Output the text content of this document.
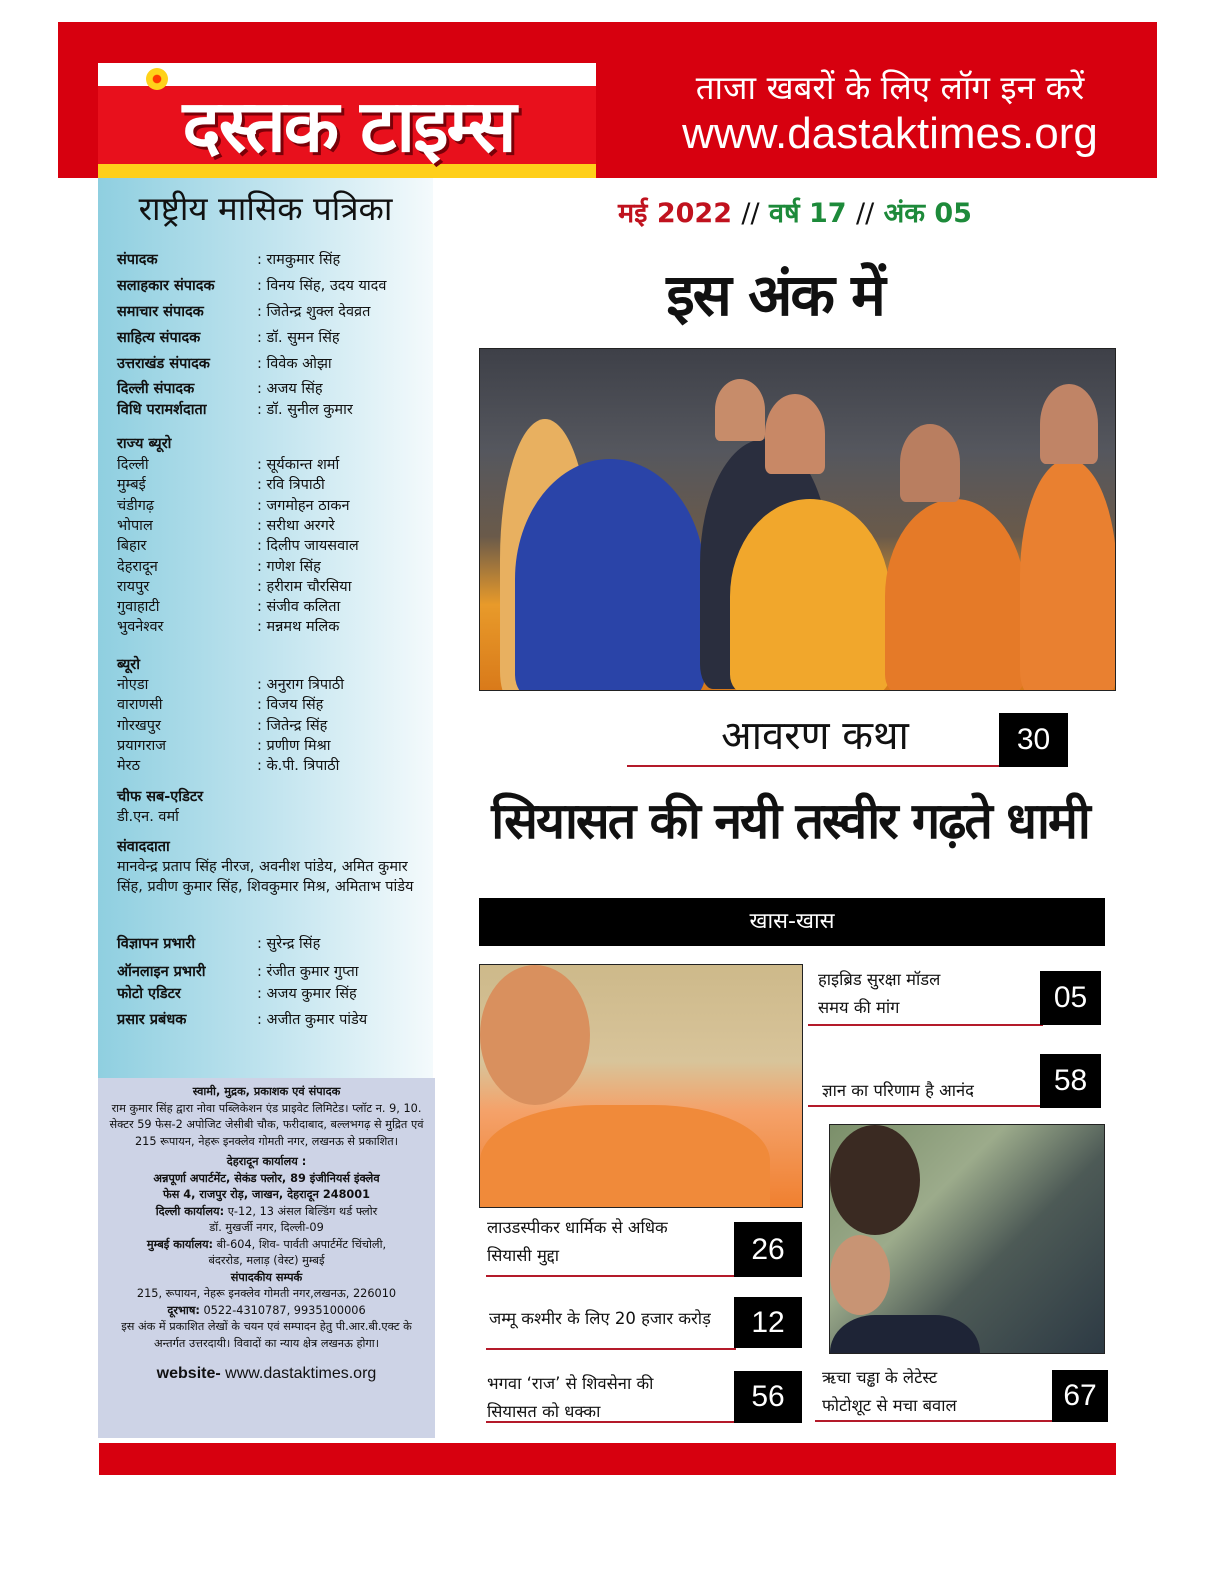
दस्तक टाइम्स	ताजा खबरों के लिए लॉग इन करें
www.dastaktimes.org
राष्ट्रीय मासिक पत्रिका
संपादक	: रामकुमार सिंह
सलाहकार संपादक	: विनय सिंह, उदय यादव
समाचार संपादक	: जितेन्द्र शुक्ल देवव्रत
साहित्य संपादक	: डॉ. सुमन सिंह
उत्तराखंड संपादक	: विवेक ओझा
दिल्ली संपादक	: अजय सिंह
विधि परामर्शदाता	: डॉ. सुनील कुमार
राज्य ब्यूरो
दिल्ली	: सूर्यकान्त शर्मा
मुम्बई	: रवि त्रिपाठी
चंडीगढ़	: जगमोहन ठाकन
भोपाल	: सरीथा अरगरे
बिहार	: दिलीप जायसवाल
देहरादून	: गणेश सिंह
रायपुर	: हरीराम चौरसिया
गुवाहाटी	: संजीव कलिता
भुवनेश्वर	: मन्नमथ मलिक
ब्यूरो
नोएडा	: अनुराग त्रिपाठी
वाराणसी	: विजय सिंह
गोरखपुर	: जितेन्द्र सिंह
प्रयागराज	: प्रणीण मिश्रा
मेरठ	: के.पी. त्रिपाठी
चीफ सब-एडिटर
डी.एन. वर्मा
संवाददाता
मानवेन्द्र प्रताप सिंह नीरज, अवनीश पांडेय, अमित कुमार सिंह, प्रवीण कुमार सिंह, शिवकुमार मिश्र, अमिताभ पांडेय
विज्ञापन प्रभारी	: सुरेन्द्र सिंह
ऑनलाइन प्रभारी	: रंजीत कुमार गुप्ता
फोटो एडिटर	: अजय कुमार सिंह
प्रसार प्रबंधक	: अजीत कुमार पांडेय
स्वामी, मुद्रक, प्रकाशक एवं संपादक
राम कुमार सिंह द्वारा नोवा पब्लिकेशन एंड प्राइवेट लिमिटेड। प्लॉट न. 9, 10. सेक्टर 59 फेस-2 अपोजिट जेसीबी चौक, फरीदाबाद, बल्लभगढ़ से मुद्रित एवं 215 रूपायन, नेहरू इनक्लेव गोमती नगर, लखनऊ से प्रकाशित।
देहरादून कार्यालय :
अन्नपूर्णा अपार्टमेंट, सेकंड फ्लोर, 89 इंजीनियर्स इंक्लेव
फेस 4, राजपुर रोड़, जाखन, देहरादून 248001
दिल्ली कार्यालय: ए-12, 13 अंसल बिल्डिंग थर्ड फ्लोर
डॉ. मुखर्जी नगर, दिल्ली-09
मुम्बई कार्यालय: बी-604, शिव- पार्वती अपार्टमेंट चिंचोली,
बंदररोड, मलाड़ (वेस्ट) मुम्बई
संपादकीय सम्पर्क
215, रूपायन, नेहरू इनक्लेव गोमती नगर,लखनऊ, 226010
दूरभाष: 0522-4310787, 9935100006
इस अंक में प्रकाशित लेखों के चयन एवं सम्पादन हेतु पी.आर.बी.एक्ट के अन्तर्गत उत्तरदायी। विवादों का न्याय क्षेत्र लखनऊ होगा।
website- www.dastaktimes.org
मई 2022 // वर्ष 17 // अंक 05
इस अंक में
आवरण कथा	30
सियासत की नयी तस्वीर गढ़ते धामी
खास-खास
हाइब्रिड सुरक्षा मॉडल
समय की मांग	05
ज्ञान का परिणाम है आनंद	58
लाउडस्पीकर धार्मिक से अधिक
सियासी मुद्दा	26
जम्मू कश्मीर के लिए 20 हजार करोड़	12
भगवा ‘राज’ से शिवसेना की
सियासत को धक्का	56
ऋचा चड्ढा के लेटेस्ट
फोटोशूट से मचा बवाल	67
